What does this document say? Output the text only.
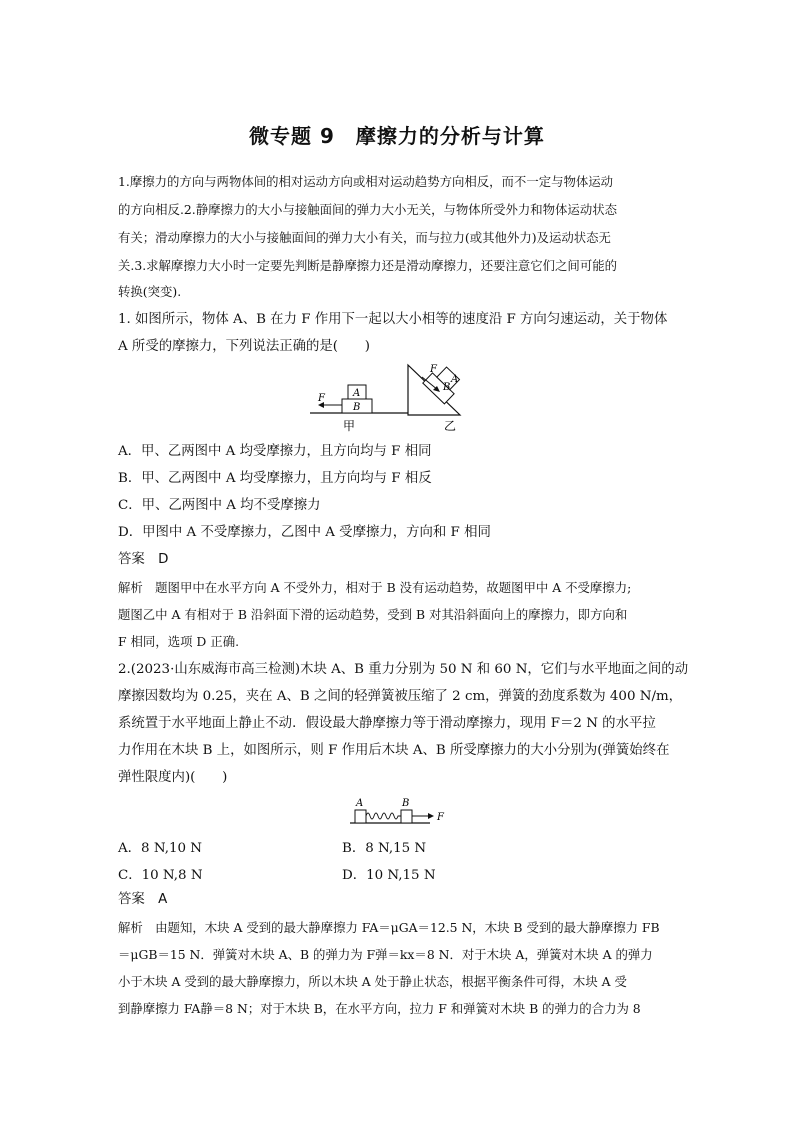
微专题 9　摩擦力的分析与计算
1.摩擦力的方向与两物体间的相对运动方向或相对运动趋势方向相反，而不一定与物体运动
的方向相反.2.静摩擦力的大小与接触面间的弹力大小无关，与物体所受外力和物体运动状态
有关；滑动摩擦力的大小与接触面间的弹力大小有关，而与拉力(或其他外力)及运动状态无
关.3.求解摩擦力大小时一定要先判断是静摩擦力还是滑动摩擦力，还要注意它们之间可能的
转换(突变).
1. 如图所示，物体 A、B 在力 F 作用下一起以大小相等的速度沿 F 方向匀速运动，关于物体
A 所受的摩擦力，下列说法正确的是(　　)
A
B
F
甲
A
B
F
乙
A．甲、乙两图中 A 均受摩擦力，且方向均与 F 相同
B．甲、乙两图中 A 均受摩擦力，且方向均与 F 相反
C．甲、乙两图中 A 均不受摩擦力
D．甲图中 A 不受摩擦力，乙图中 A 受摩擦力，方向和 F 相同
答案　D
解析　题图甲中在水平方向 A 不受外力，相对于 B 没有运动趋势，故题图甲中 A 不受摩擦力;
题图乙中 A 有相对于 B 沿斜面下滑的运动趋势，受到 B 对其沿斜面向上的摩擦力，即方向和
F 相同，选项 D 正确.
2.(2023·山东威海市高三检测)木块 A、B 重力分别为 50 N 和 60 N，它们与水平地面之间的动
摩擦因数均为 0.25，夹在 A、B 之间的轻弹簧被压缩了 2 cm，弹簧的劲度系数为 400 N/m，
系统置于水平地面上静止不动．假设最大静摩擦力等于滑动摩擦力，现用 F＝2 N 的水平拉
力作用在木块 B 上，如图所示，则 F 作用后木块 A、B 所受摩擦力的大小分别为(弹簧始终在
弹性限度内)(　　)
A	B
F
A．8 N,10 N	B．8 N,15 N
C．10 N,8 N	D．10 N,15 N
答案　A
解析　由题知，木块 A 受到的最大静摩擦力 FA＝μGA＝12.5 N，木块 B 受到的最大静摩擦力 FB
＝μGB＝15 N．弹簧对木块 A、B 的弹力为 F弹＝kx＝8 N．对于木块 A，弹簧对木块 A 的弹力
小于木块 A 受到的最大静摩擦力，所以木块 A 处于静止状态，根据平衡条件可得，木块 A 受
到静摩擦力 FA静＝8 N；对于木块 B，在水平方向，拉力 F 和弹簧对木块 B 的弹力的合力为 8
